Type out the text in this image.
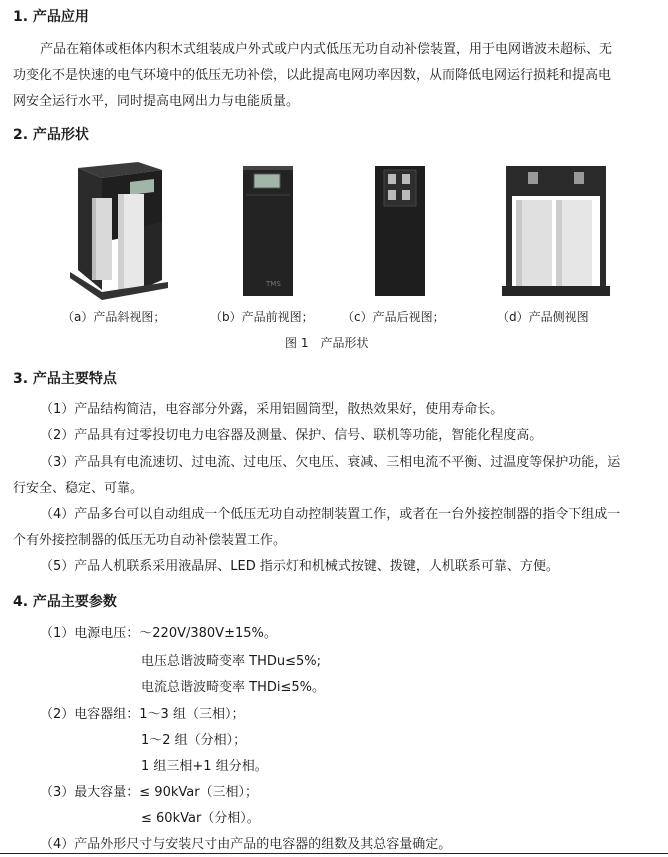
1. 产品应用
产品在箱体或柜体内积木式组装成户外式或户内式低压无功自动补偿装置，用于电网谐波未超标、无
功变化不是快速的电气环境中的低压无功补偿，以此提高电网功率因数，从而降低电网运行损耗和提高电
网安全运行水平，同时提高电网出力与电能质量。
2. 产品形状
TMS
（a）产品斜视图；	（b）产品前视图； （c）产品后视图；	（d）产品侧视图
图 1　产品形状
3. 产品主要特点
（1）产品结构简洁，电容部分外露，采用铝圆筒型，散热效果好，使用寿命长。
（2）产品具有过零投切电力电容器及测量、保护、信号、联机等功能，智能化程度高。
（3）产品具有电流速切、过电流、过电压、欠电压、衰减、三相电流不平衡、过温度等保护功能，运
行安全、稳定、可靠。
（4）产品多台可以自动组成一个低压无功自动控制装置工作，或者在一台外接控制器的指令下组成一
个有外接控制器的低压无功自动补偿装置工作。
（5）产品人机联系采用液晶屏、LED 指示灯和机械式按键、拨键，人机联系可靠、方便。
4. 产品主要参数
（1）电源电压：～220V/380V±15%。
电压总谐波畸变率 THDu≤5%;
电流总谐波畸变率 THDi≤5%。
（2）电容器组：1～3 组（三相）；
1～2 组（分相）；
1 组三相+1 组分相。
（3）最大容量：≤ 90kVar（三相）；
≤ 60kVar（分相）。
（4）产品外形尺寸与安装尺寸由产品的电容器的组数及其总容量确定。
